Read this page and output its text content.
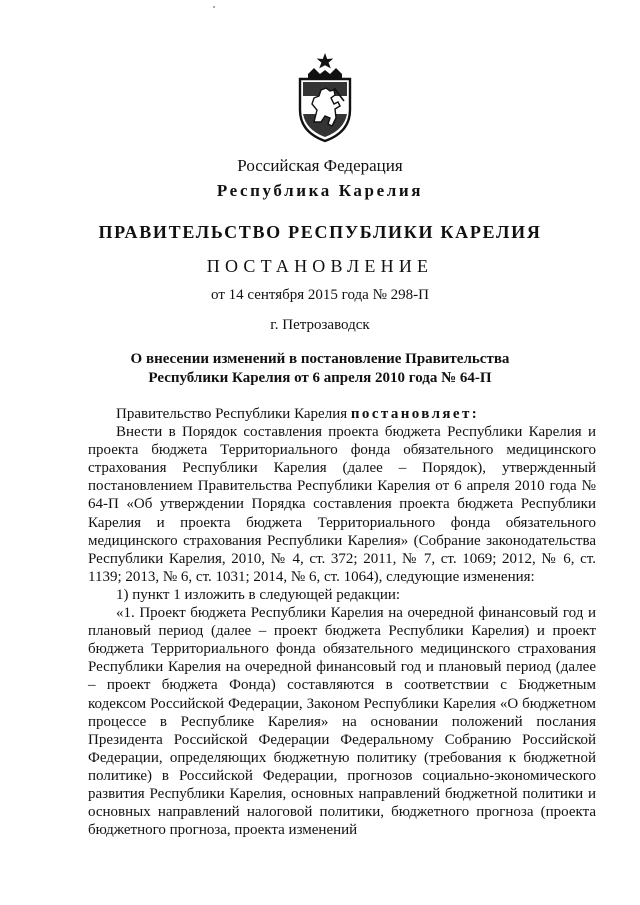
Российская Федерация

Республика Карелия

ПРАВИТЕЛЬСТВО РЕСПУБЛИКИ КАРЕЛИЯ

ПОСТАНОВЛЕНИЕ

от 14 сентября 2015 года № 298-П

г. Петрозаводск

О внесении изменений в постановление Правительства
Республики Карелия от 6 апреля 2010 года № 64-П

Правительство Республики Карелия постановляет:

Внести в Порядок составления проекта бюджета Республики Карелия и проекта бюджета Территориального фонда обязательного медицинского страхования Республики Карелия (далее – Порядок), утвержденный постановлением Правительства Республики Карелия от 6 апреля 2010 года № 64-П «Об утверждении Порядка составления проекта бюджета Республики Карелия и проекта бюджета Территориального фонда обязательного медицинского страхования Республики Карелия» (Собрание законодательства Республики Карелия, 2010, № 4, ст. 372; 2011, № 7, ст. 1069; 2012, № 6, ст. 1139; 2013, № 6, ст. 1031; 2014, № 6, ст. 1064), следующие изменения:

1) пункт 1 изложить в следующей редакции:

«1. Проект бюджета Республики Карелия на очередной финансовый год и плановый период (далее – проект бюджета Республики Карелия) и проект бюджета Территориального фонда обязательного медицинского страхования Республики Карелия на очередной финансовый год и плановый период (далее – проект бюджета Фонда) составляются в соответствии с Бюджетным кодексом Российской Федерации, Законом Республики Карелия «О бюджетном процессе в Республике Карелия» на основании положений послания Президента Российской Федерации Федеральному Собранию Российской Федерации, определяющих бюджетную политику (требования к бюджетной политике) в Российской Федерации, прогнозов социально-экономического развития Республики Карелия, основных направлений бюджетной политики и основных направлений налоговой политики, бюджетного прогноза (проекта бюджетного прогноза, проекта изменений
